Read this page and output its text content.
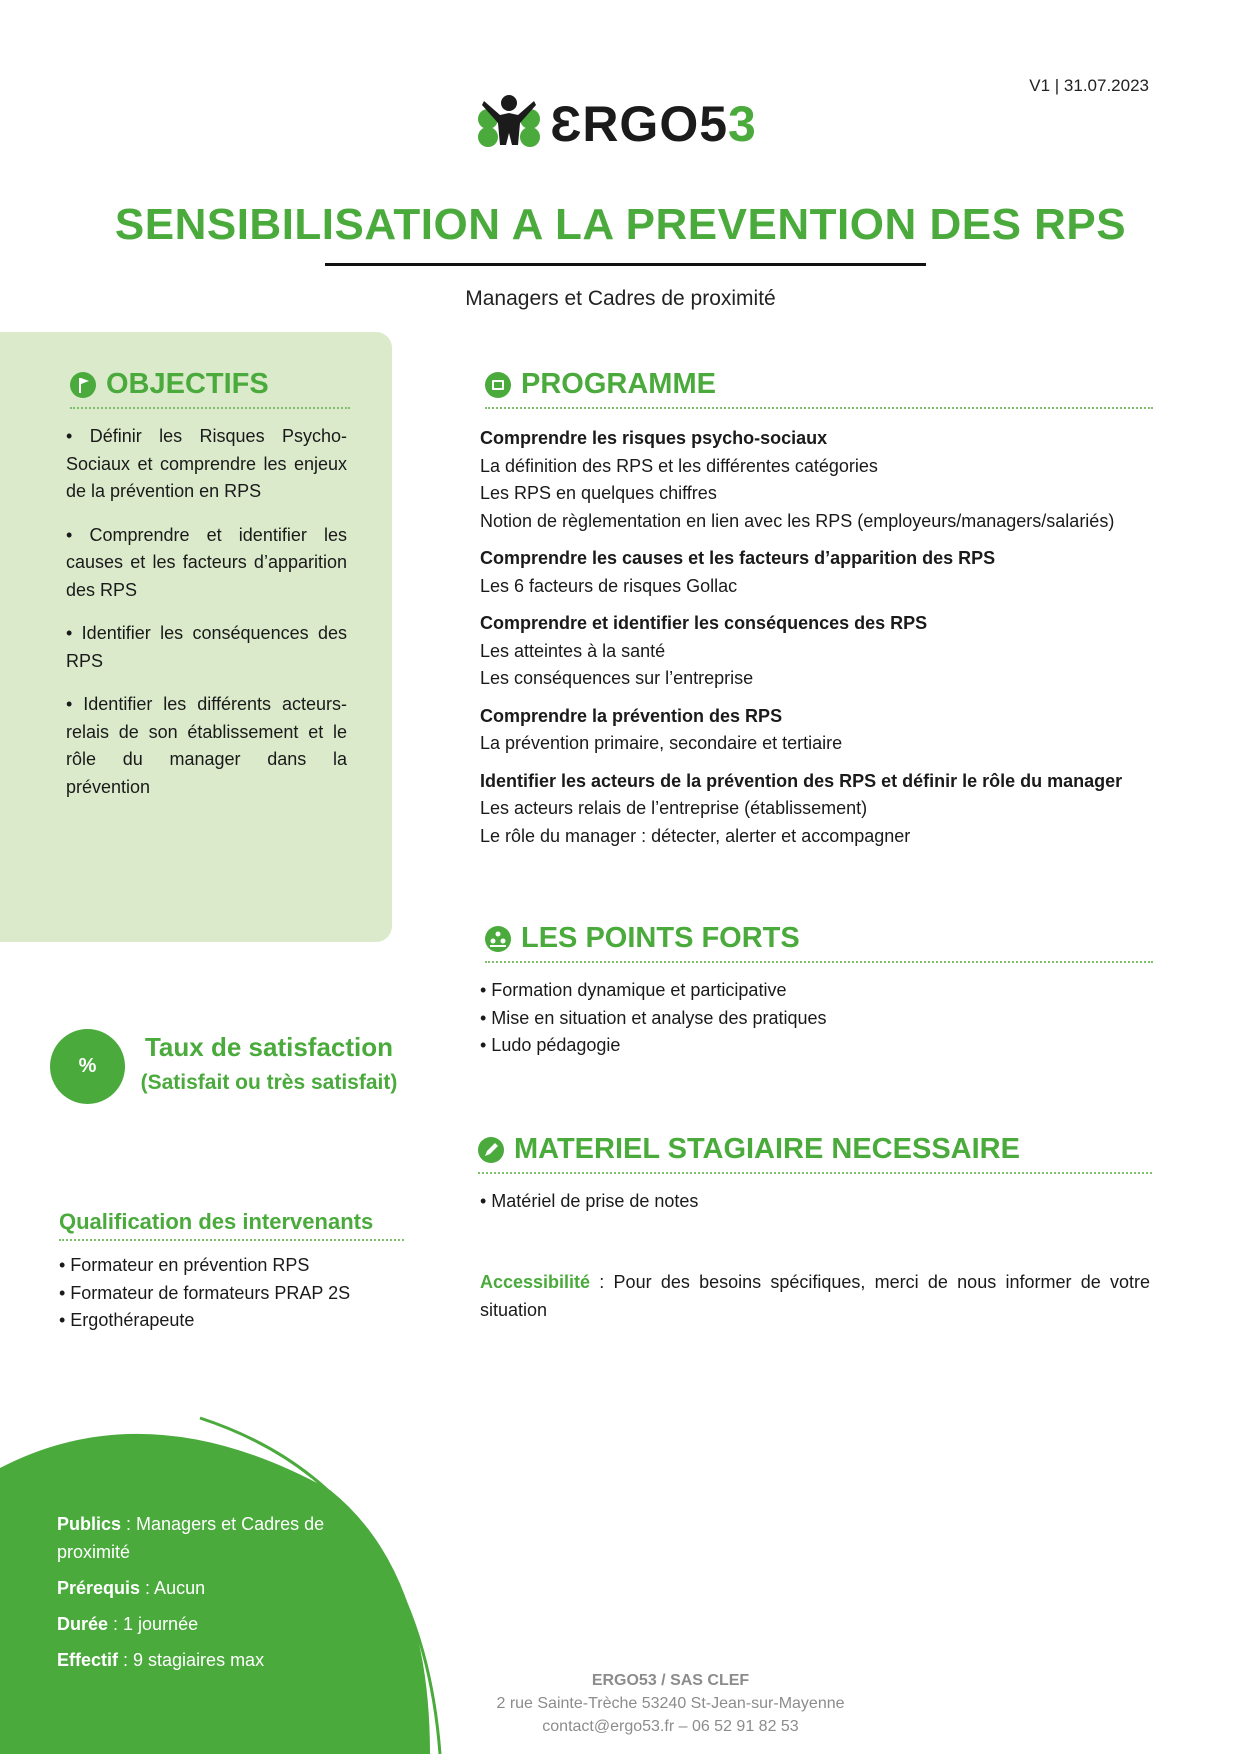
V1 | 31.07.2023
ƐRGO53
SENSIBILISATION A LA PREVENTION DES RPS
Managers et Cadres de proximité
OBJECTIFS

• Définir les Risques Psycho-Sociaux et comprendre les enjeux de la prévention en RPS

• Comprendre et identifier les causes et les facteurs d’apparition des RPS

• Identifier les conséquences des RPS

• Identifier les différents acteurs-relais de son établissement et le rôle du manager dans la prévention

PROGRAMME
Comprendre les risques psycho-sociaux
La définition des RPS et les différentes catégories
Les RPS en quelques chiffres
Notion de règlementation en lien avec les RPS (employeurs/managers/salariés)
Comprendre les causes et les facteurs d’apparition des RPS
Les 6 facteurs de risques Gollac
Comprendre et identifier les conséquences des RPS
Les atteintes à la santé
Les conséquences sur l’entreprise
Comprendre la prévention des RPS
La prévention primaire, secondaire et tertiaire
Identifier les acteurs de la prévention des RPS et définir le rôle du manager
Les acteurs relais de l’entreprise (établissement)
Le rôle du manager : détecter, alerter et accompagner
LES POINTS FORTS
• Formation dynamique et participative
• Mise en situation et analyse des pratiques
• Ludo pédagogie
%
Taux de satisfaction
(Satisfait ou très satisfait)
MATERIEL STAGIAIRE NECESSAIRE
• Matériel de prise de notes
Qualification des intervenants
• Formateur en prévention RPS
• Formateur de formateurs PRAP 2S
• Ergothérapeute
Accessibilité : Pour des besoins spécifiques, merci de nous informer de votre situation

Publics : Managers et Cadres de proximité

Prérequis : Aucun

Durée : 1 journée

Effectif : 9 stagiaires max

ERGO53 / SAS CLEF
2 rue Sainte-Trèche 53240 St-Jean-sur-Mayenne
contact@ergo53.fr – 06 52 91 82 53
